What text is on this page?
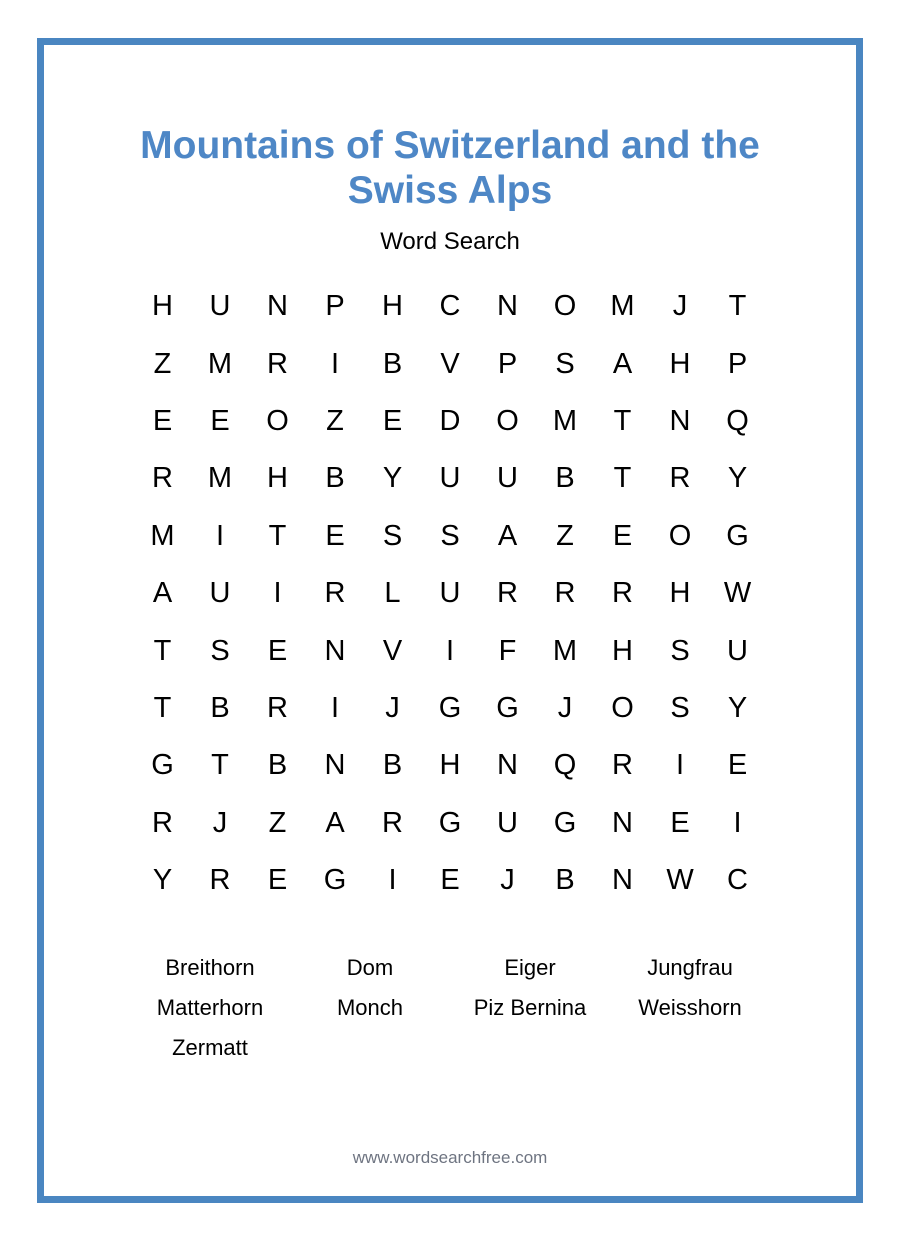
Mountains of Switzerland and the Swiss Alps
Word Search
H	U	N	P	H	C	N	O	M	J	T
Z	M	R	I	B	V	P	S	A	H	P
E	E	O	Z	E	D	O	M	T	N	Q
R	M	H	B	Y	U	U	B	T	R	Y
M	I	T	E	S	S	A	Z	E	O	G
A	U	I	R	L	U	R	R	R	H	W
T	S	E	N	V	I	F	M	H	S	U
T	B	R	I	J	G	G	J	O	S	Y
G	T	B	N	B	H	N	Q	R	I	E
R	J	Z	A	R	G	U	G	N	E	I
Y	R	E	G	I	E	J	B	N	W	C
Breithorn	Dom	Eiger	Jungfrau
Matterhorn	Monch	Piz Bernina	Weisshorn
Zermatt
www.wordsearchfree.com
